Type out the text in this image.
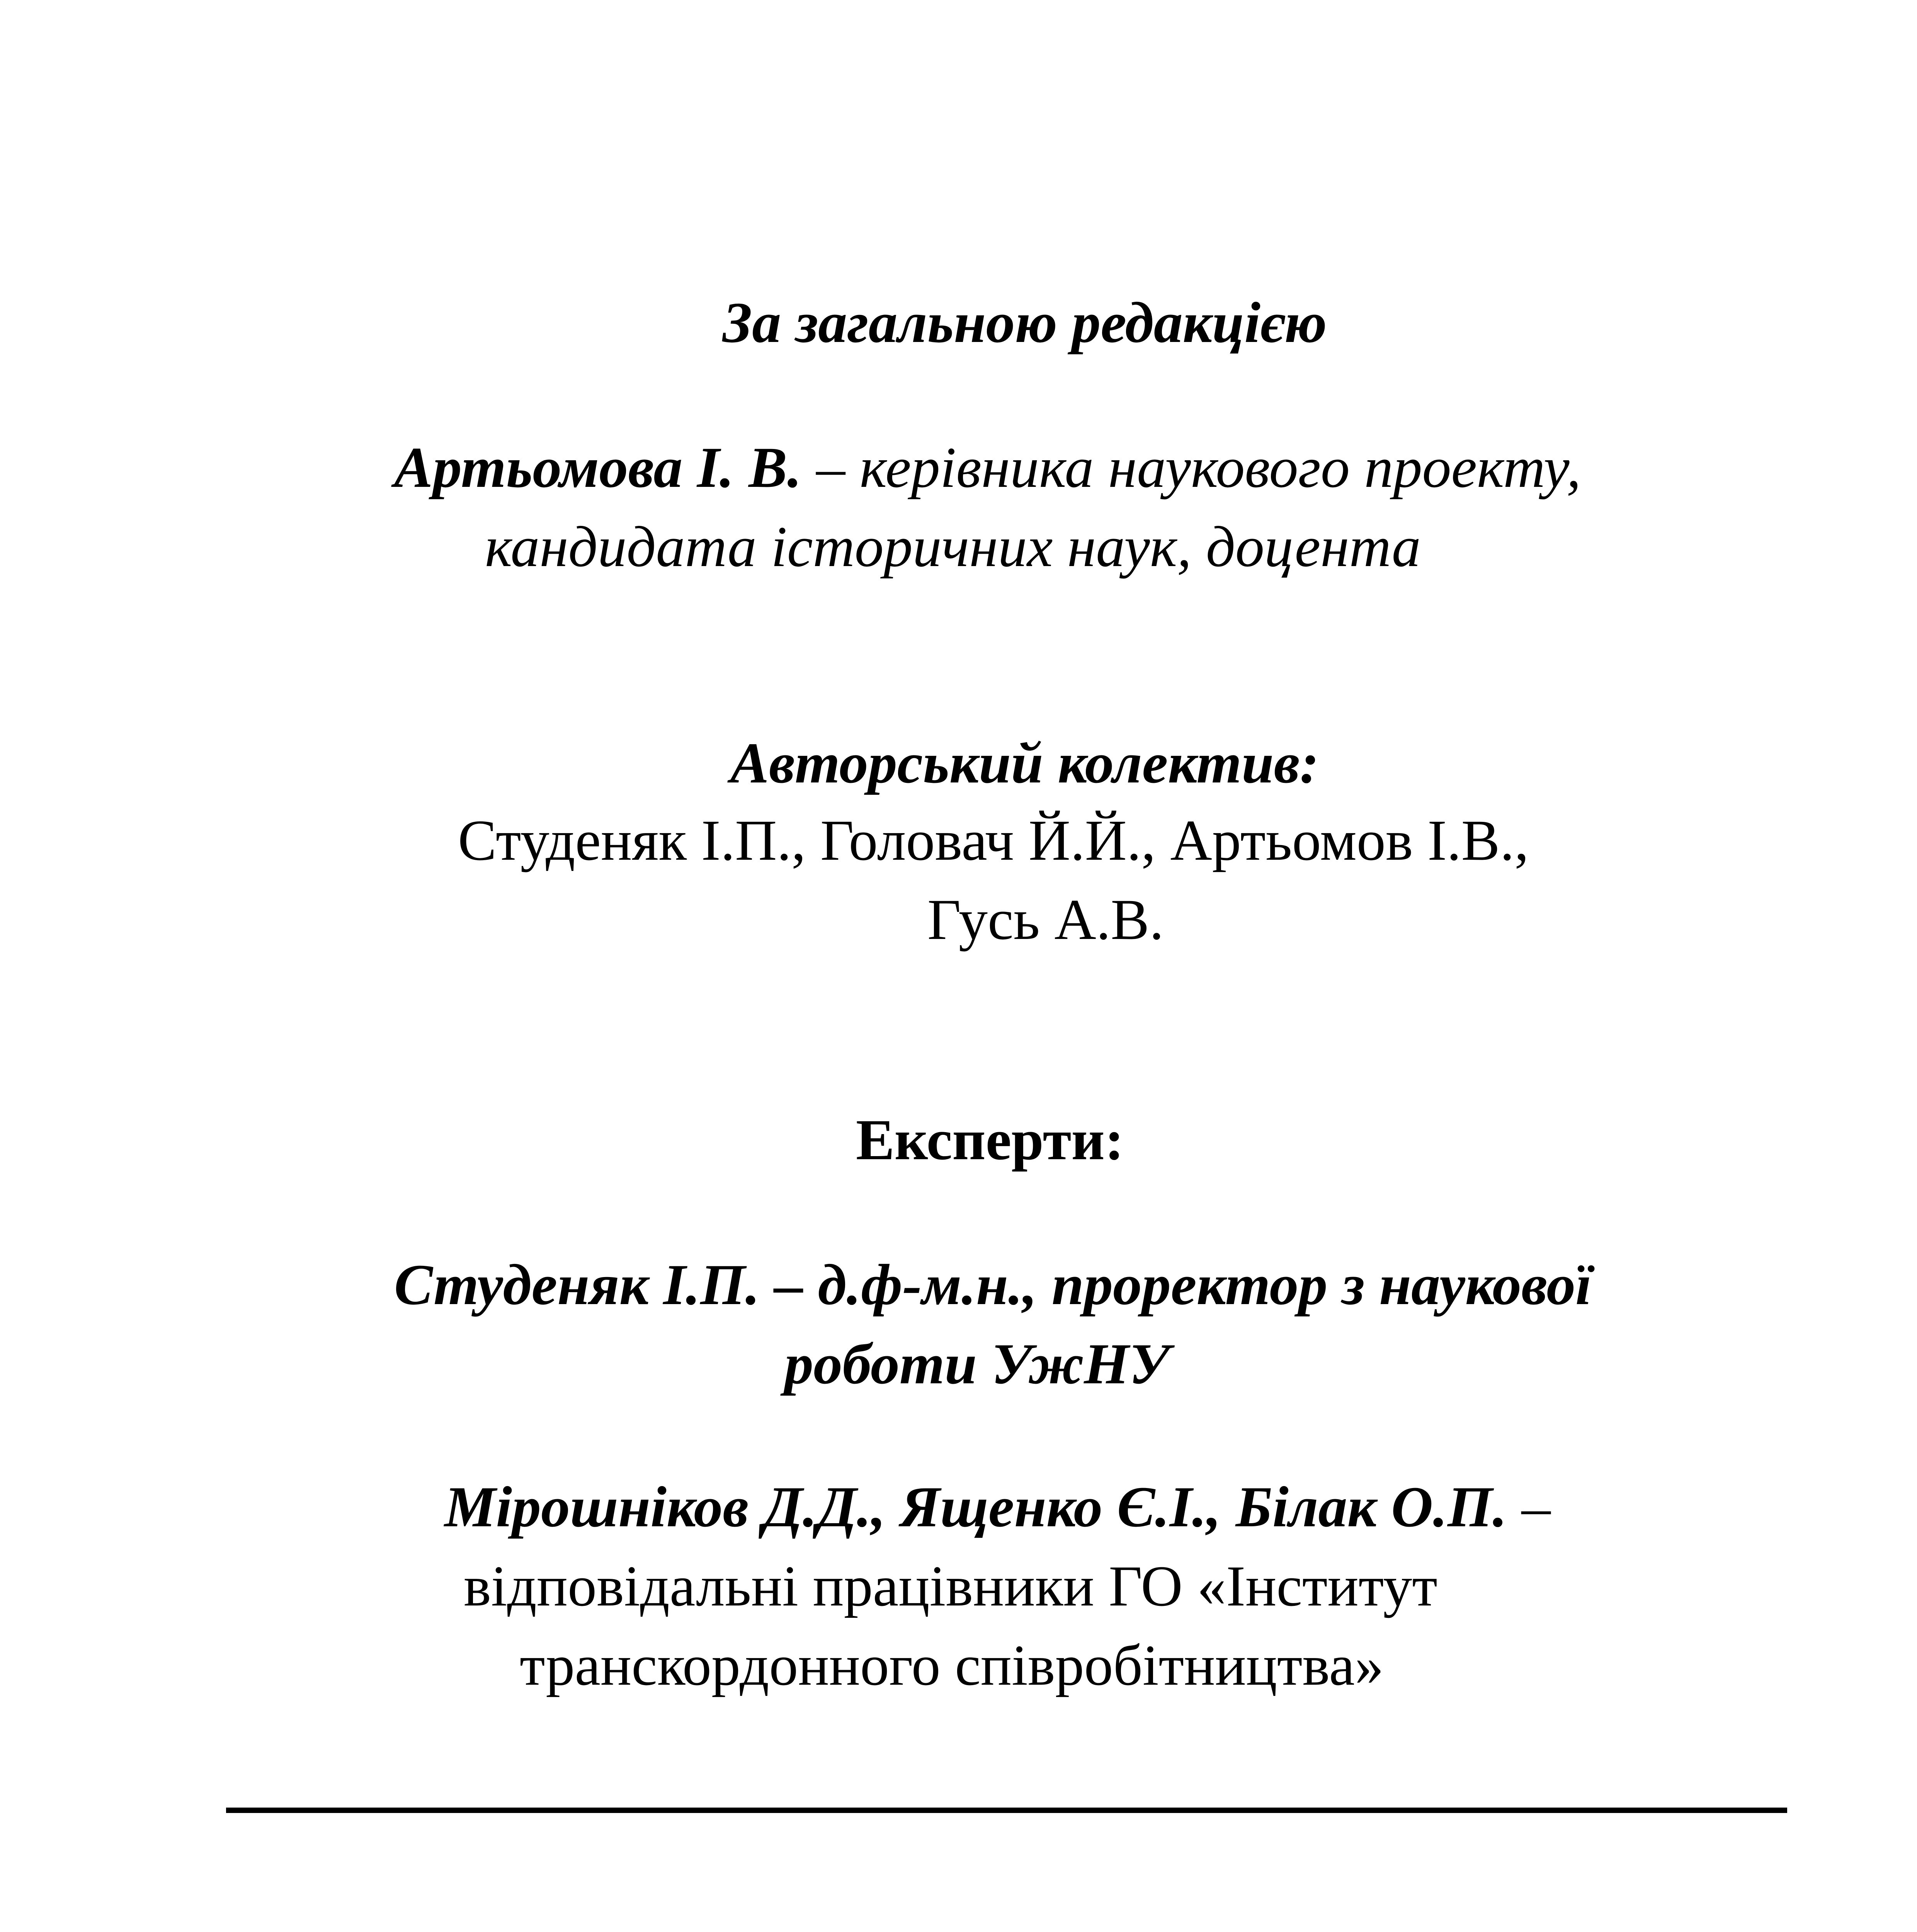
За загальною редакцією
Артьомова І. В. – керівника наукового проекту,
кандидата історичних наук, доцента
Авторський колектив:
Студеняк І.П., Головач Й.Й., Артьомов І.В.,
Гусь А.В.
Експерти:
Студеняк І.П. – д.ф-м.н., проректор з наукової
роботи УжНУ
Мірошніков Д.Д., Ященко Є.І., Білак О.П. –
відповідальні працівники ГО «Інститут
транскордонного співробітництва»
